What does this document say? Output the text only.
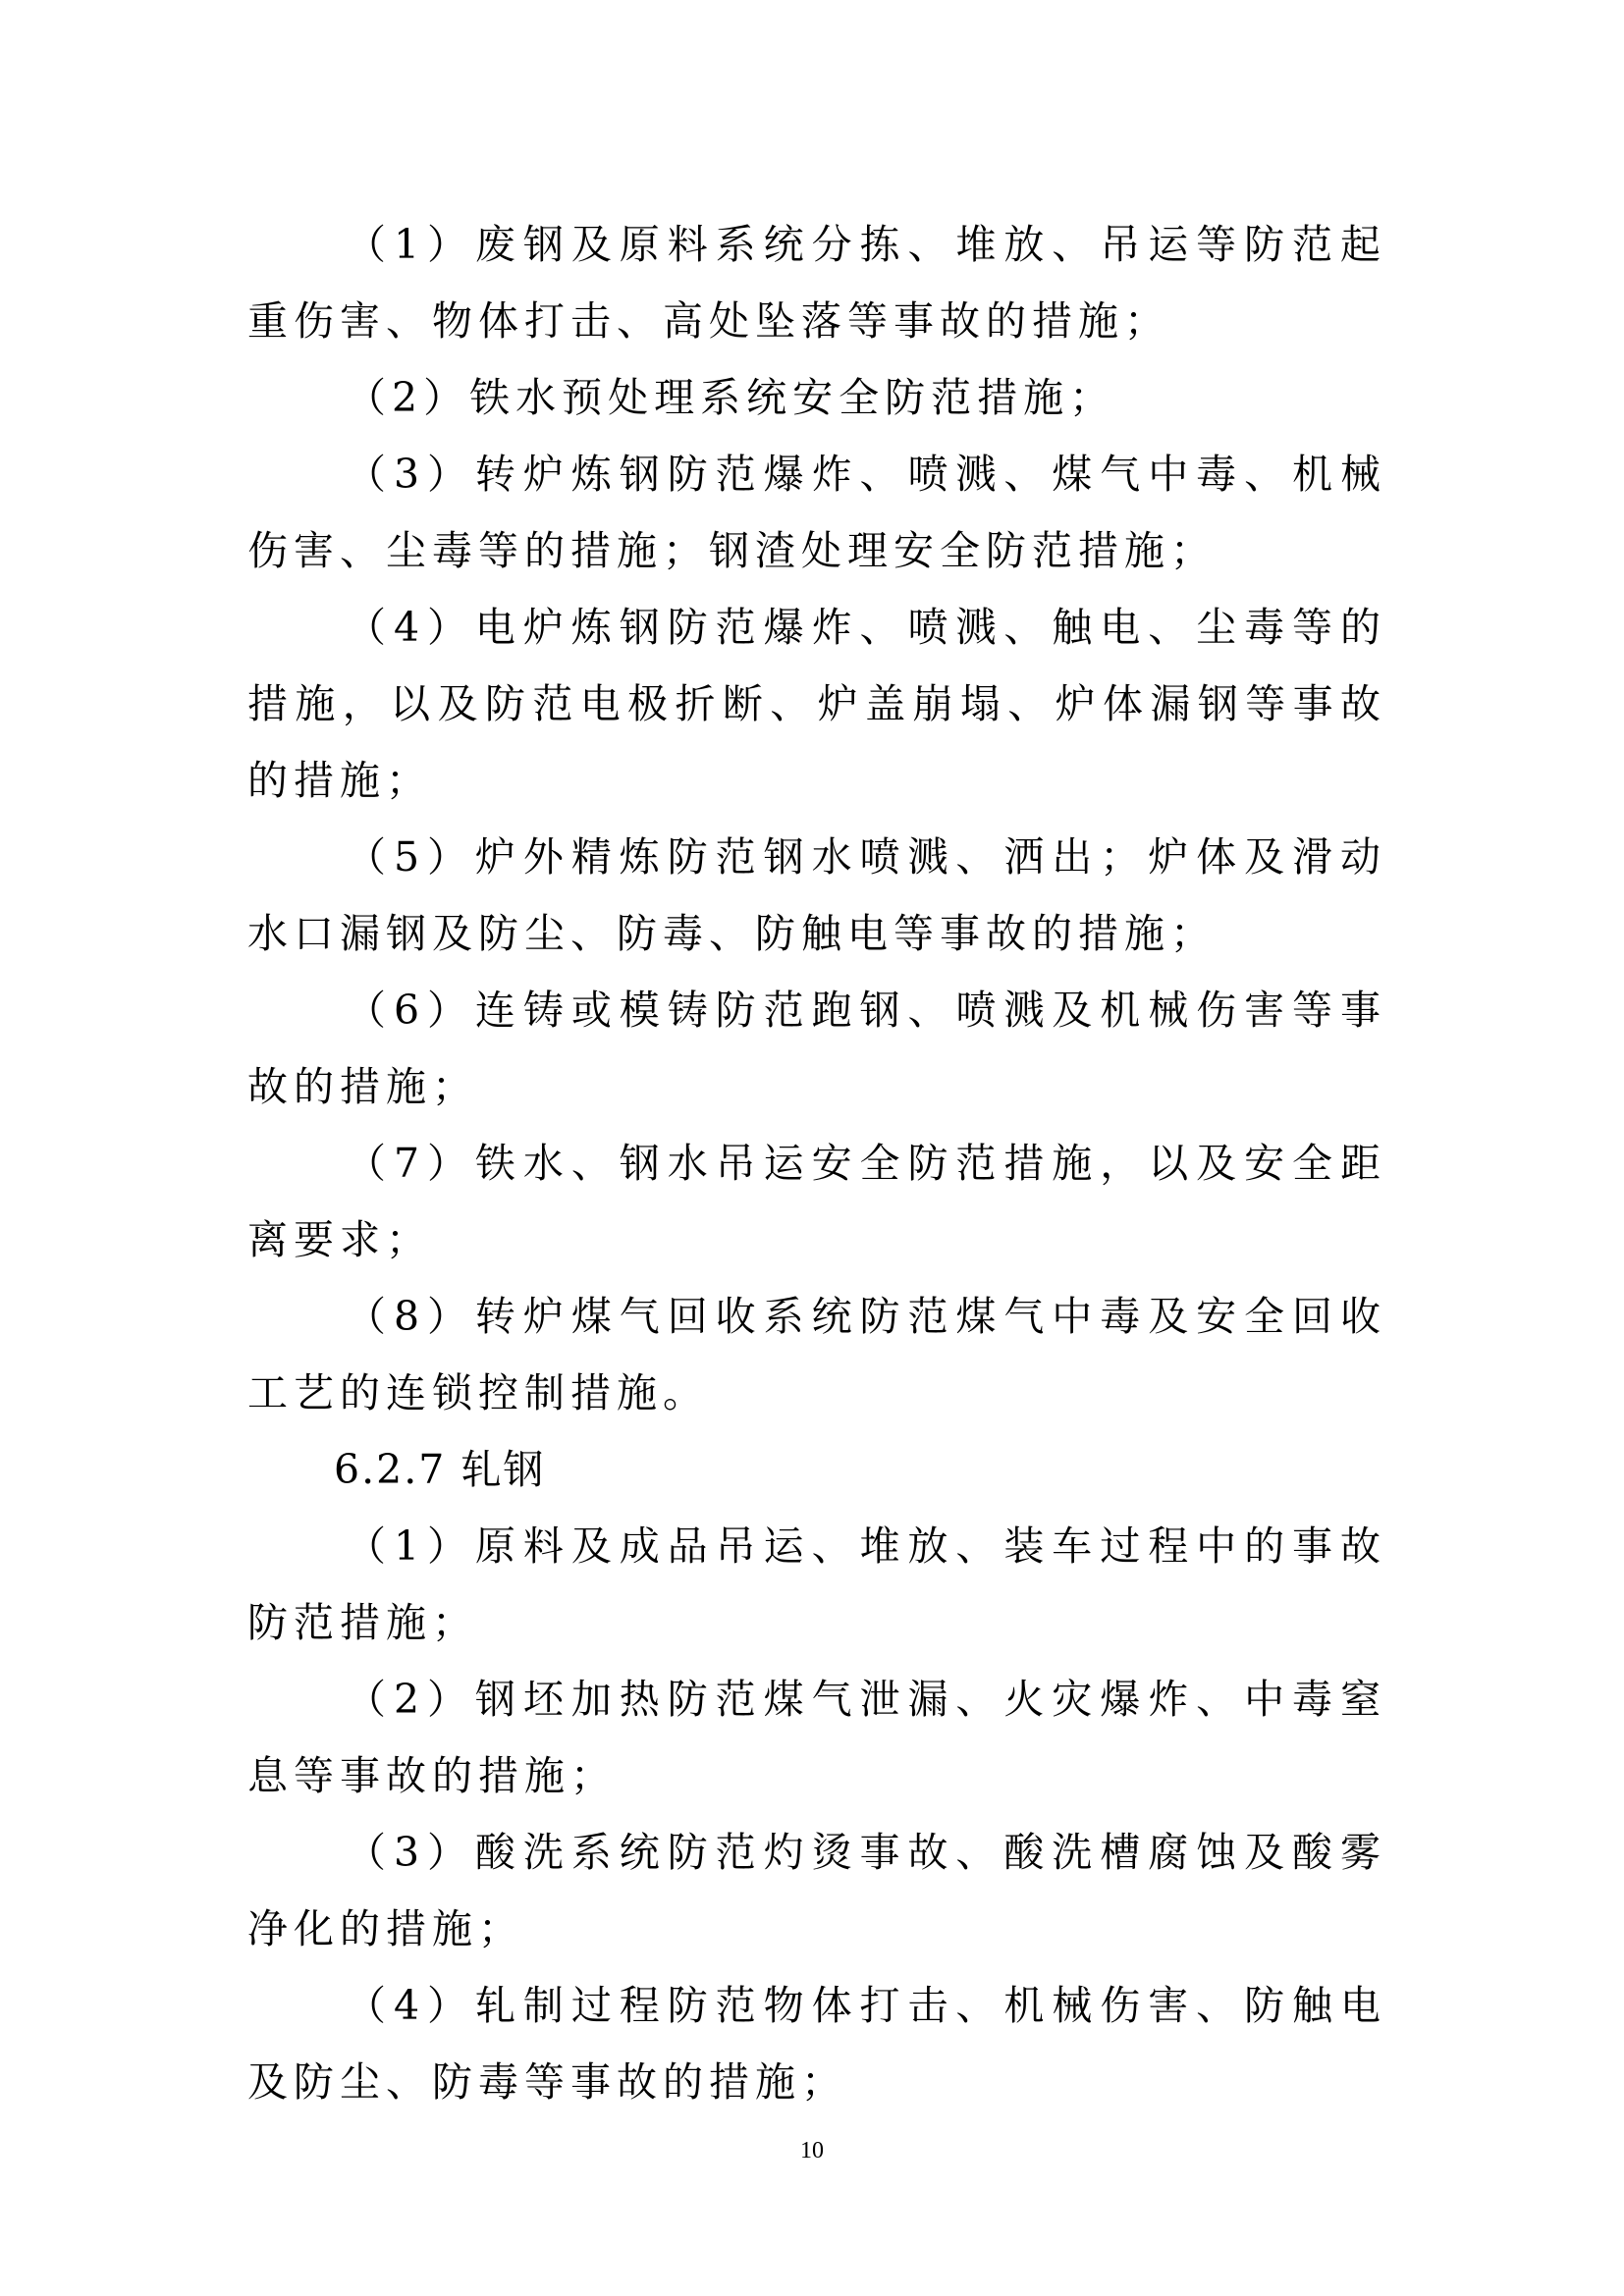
（1）废钢及原料系统分拣、堆放、吊运等防范起重伤害、物体打击、高处坠落等事故的措施；

（2）铁水预处理系统安全防范措施；

（3）转炉炼钢防范爆炸、喷溅、煤气中毒、机械伤害、尘毒等的措施；钢渣处理安全防范措施；

（4）电炉炼钢防范爆炸、喷溅、触电、尘毒等的措施，以及防范电极折断、炉盖崩塌、炉体漏钢等事故的措施；

（5）炉外精炼防范钢水喷溅、洒出；炉体及滑动水口漏钢及防尘、防毒、防触电等事故的措施；

（6）连铸或模铸防范跑钢、喷溅及机械伤害等事故的措施；

（7）铁水、钢水吊运安全防范措施，以及安全距离要求；

（8）转炉煤气回收系统防范煤气中毒及安全回收工艺的连锁控制措施。

6.2.7 轧钢

（1）原料及成品吊运、堆放、装车过程中的事故防范措施；

（2）钢坯加热防范煤气泄漏、火灾爆炸、中毒窒息等事故的措施；

（3）酸洗系统防范灼烫事故、酸洗槽腐蚀及酸雾净化的措施；

（4）轧制过程防范物体打击、机械伤害、防触电及防尘、防毒等事故的措施；

10
